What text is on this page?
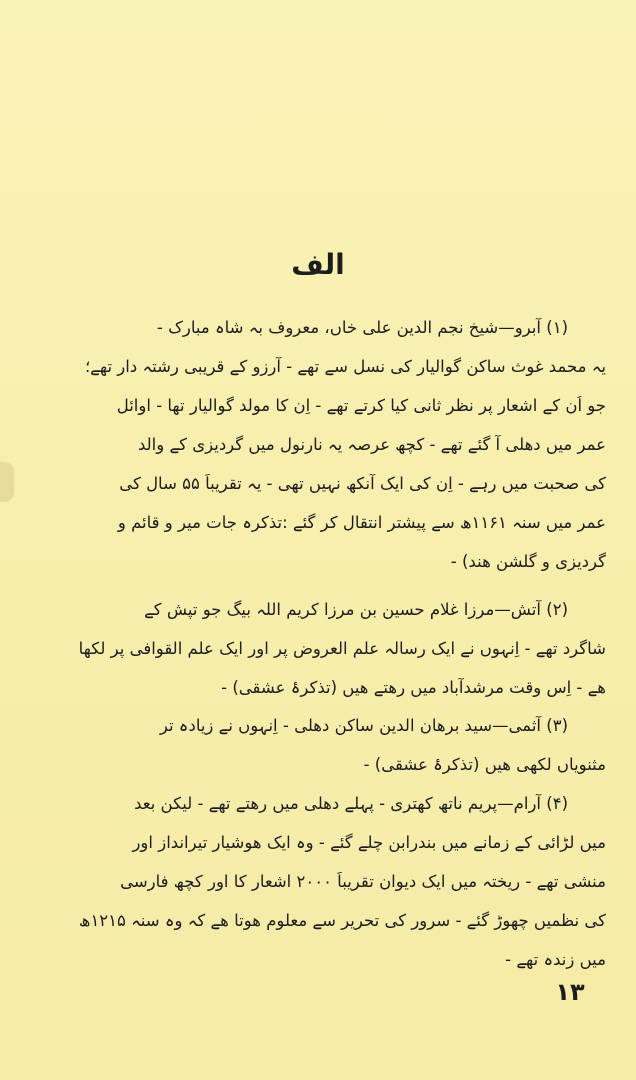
الف
(۱) آبرو—شیخ نجم الدین علی خاں، معروف بہ شاہ مبارک -
یہ محمد غوث ساکن گوالیار کی نسل سے تھے - آرزو کے قریبی رشتہ دار تھے؛
جو اُن کے اشعار پر نظر ثانی کیا کرتے تھے - اِن کا مولد گوالیار تھا - اوائل
عمر میں دھلی آ گئے تھے - کچھ عرصہ یہ نارنول میں گردیزی کے والد
کی صحبت میں رہے - اِن کی ایک آنکھ نہیں تھی - یہ تقریباً ۵۵ سال کی
عمر میں سنہ ۱۱۶۱ھ سے پیشتر انتقال کر گئے :تذکرہ جات میر و قائم و
گردیزی و گلشن ھند) -
(۲) آتش—مرزا غلام حسین بن مرزا کریم اللہ بیگ جو تپش کے
شاگرد تھے - اِنہوں نے ایک رسالہ علم العروض پر اور ایک علم القوافی پر لکھا
ھے - اِس وقت مرشدآباد میں رھتے ھیں (تذکرۂ عشقی) -
(۳) آثمی—سید برھان الدین ساکن دھلی - اِنہوں نے زیادہ تر
مثنویاں لکھی ھیں (تذکرۂ عشقی) -
(۴) آرام—پریم ناتھ کھتری - پہلے دھلی میں رھتے تھے - لیکن بعد
میں لڑائی کے زمانے میں بندرابن چلے گئے - وہ ایک ھوشیار تیرانداز اور
منشی تھے - ریختہ میں ایک دیوان تقریباً ۲۰۰۰ اشعار کا اور کچھ فارسی
کی نظمیں چھوڑ گئے - سرور کی تحریر سے معلوم ھوتا ھے کہ وہ سنہ ۱۲۱۵ھ
میں زندہ تھے -
۱۳
